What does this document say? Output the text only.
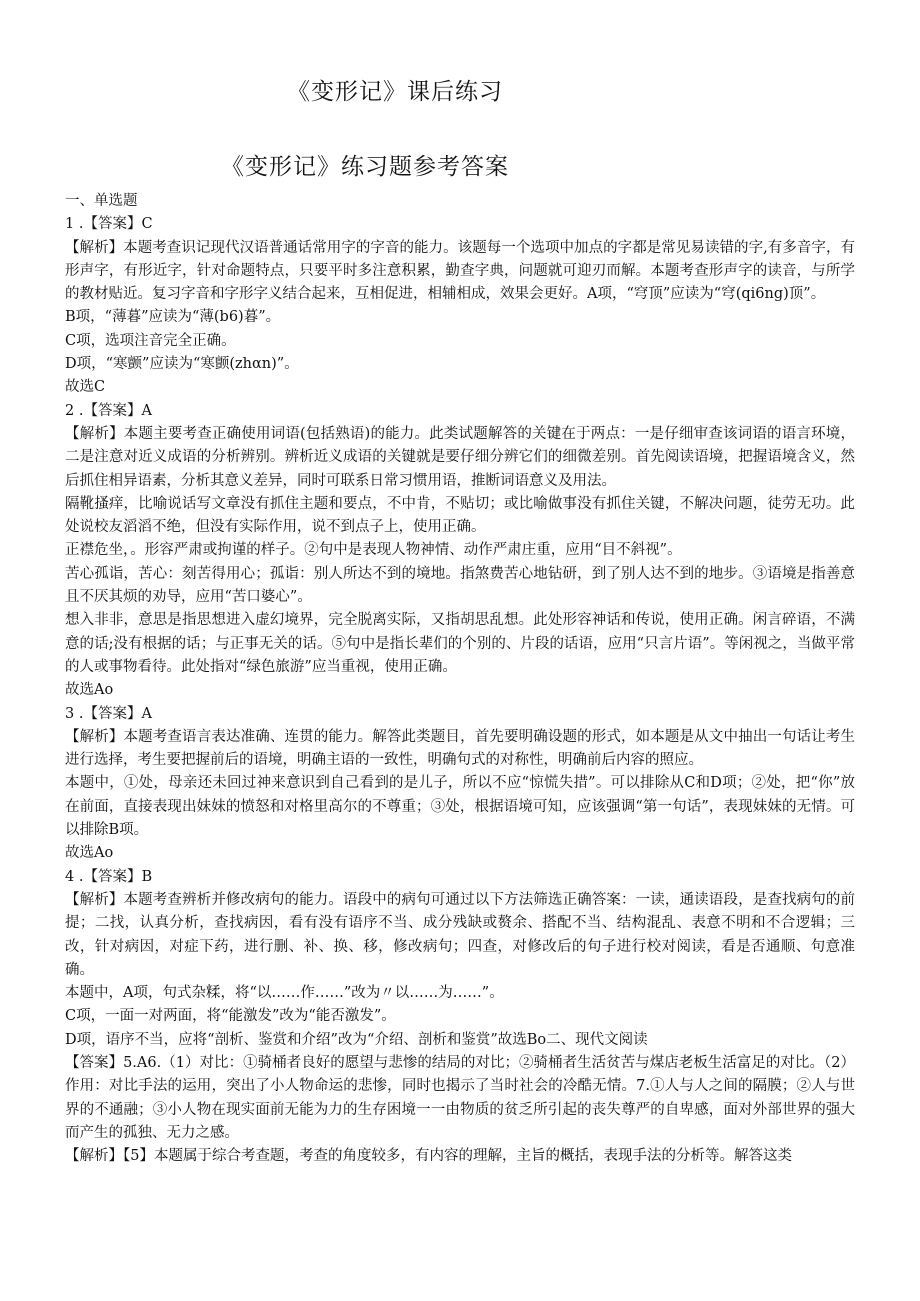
《变形记》课后练习
《变形记》练习题参考答案

一、单选题

1 .【答案】C

【解析】本题考查识记现代汉语普通话常用字的字音的能力。该题每一个选项中加点的字都是常见易读错的字,有多音字，有形声字，有形近字，针对命题特点，只要平时多注意积累，勤查字典，问题就可迎刃而解。本题考查形声字的读音，与所学的教材贴近。复习字音和字形字义结合起来，互相促进，相辅相成，效果会更好。A项，“穹顶”应读为“穹(qi6ng)顶”。

B项，“薄暮”应读为“薄(b6)暮”。

C项，选项注音完全正确。

D项，“寒颤”应读为“寒颤(zhαn)”。

故选C

2 .【答案】A

【解析】本题主要考查正确使用词语(包括熟语)的能力。此类试题解答的关键在于两点：一是仔细审查该词语的语言环境，二是注意对近义成语的分析辨别。辨析近义成语的关键就是要仔细分辨它们的细微差别。首先阅读语境，把握语境含义，然后抓住相异语素，分析其意义差异，同时可联系日常习惯用语，推断词语意义及用法。

隔靴搔痒，比喻说话写文章没有抓住主题和要点，不中肯，不贴切；或比喻做事没有抓住关键，不解决问题，徒劳无功。此处说校友滔滔不绝，但没有实际作用，说不到点子上，使用正确。

正襟危坐，。形容严肃或拘谨的样子。②句中是表现人物神情、动作严肃庄重，应用“目不斜视”。

苦心孤诣，苦心：刻苦得用心；孤诣：别人所达不到的境地。指煞费苦心地钻研，到了别人达不到的地步。③语境是指善意且不厌其烦的劝导，应用“苦口婆心”。

想入非非，意思是指思想进入虚幻境界，完全脱离实际，又指胡思乱想。此处形容神话和传说，使用正确。闲言碎语，不满意的话;没有根据的话；与正事无关的话。⑤句中是指长辈们的个别的、片段的话语，应用“只言片语”。等闲视之，当做平常的人或事物看待。此处指对“绿色旅游”应当重视，使用正确。

故选Ao

3 .【答案】A

【解析】本题考查语言表达准确、连贯的能力。解答此类题目，首先要明确设题的形式，如本题是从文中抽出一句话让考生进行选择，考生要把握前后的语境，明确主语的一致性，明确句式的对称性，明确前后内容的照应。

本题中，①处，母亲还未回过神来意识到自己看到的是儿子，所以不应“惊慌失措”。可以排除从C和D项；②处，把“你”放在前面，直接表现出妹妹的愤怒和对格里高尔的不尊重；③处，根据语境可知，应该强调“第一句话”，表现妹妹的无情。可以排除B项。

故选Ao

4 .【答案】B

【解析】本题考查辨析并修改病句的能力。语段中的病句可通过以下方法筛选正确答案：一读，通读语段，是查找病句的前提；二找，认真分析，查找病因，看有没有语序不当、成分残缺或赘余、搭配不当、结构混乱、表意不明和不合逻辑；三改，针对病因，对症下药，进行删、补、换、移，修改病句；四查，对修改后的句子进行校对阅读，看是否通顺、句意准确。

本题中，A项，句式杂糅，将“以……作……”改为〃以……为……”。

C项，一面一对两面，将“能激发”改为“能否激发”。

D项，语序不当，应将“剖析、鉴赏和介绍”改为“介绍、剖析和鉴赏”故选Bo二、现代文阅读

【答案】5.A6.（1）对比：①骑桶者良好的愿望与悲惨的结局的对比；②骑桶者生活贫苦与煤店老板生活富足的对比。（2）作用：对比手法的运用，突出了小人物命运的悲惨，同时也揭示了当时社会的冷酷无情。7.①人与人之间的隔膜；②人与世界的不通融；③小人物在现实面前无能为力的生存困境一一由物质的贫乏所引起的丧失尊严的自卑感，面对外部世界的强大而产生的孤独、无力之感。

【解析】【5】本题属于综合考查题，考查的角度较多，有内容的理解，主旨的概括，表现手法的分析等。解答这类
